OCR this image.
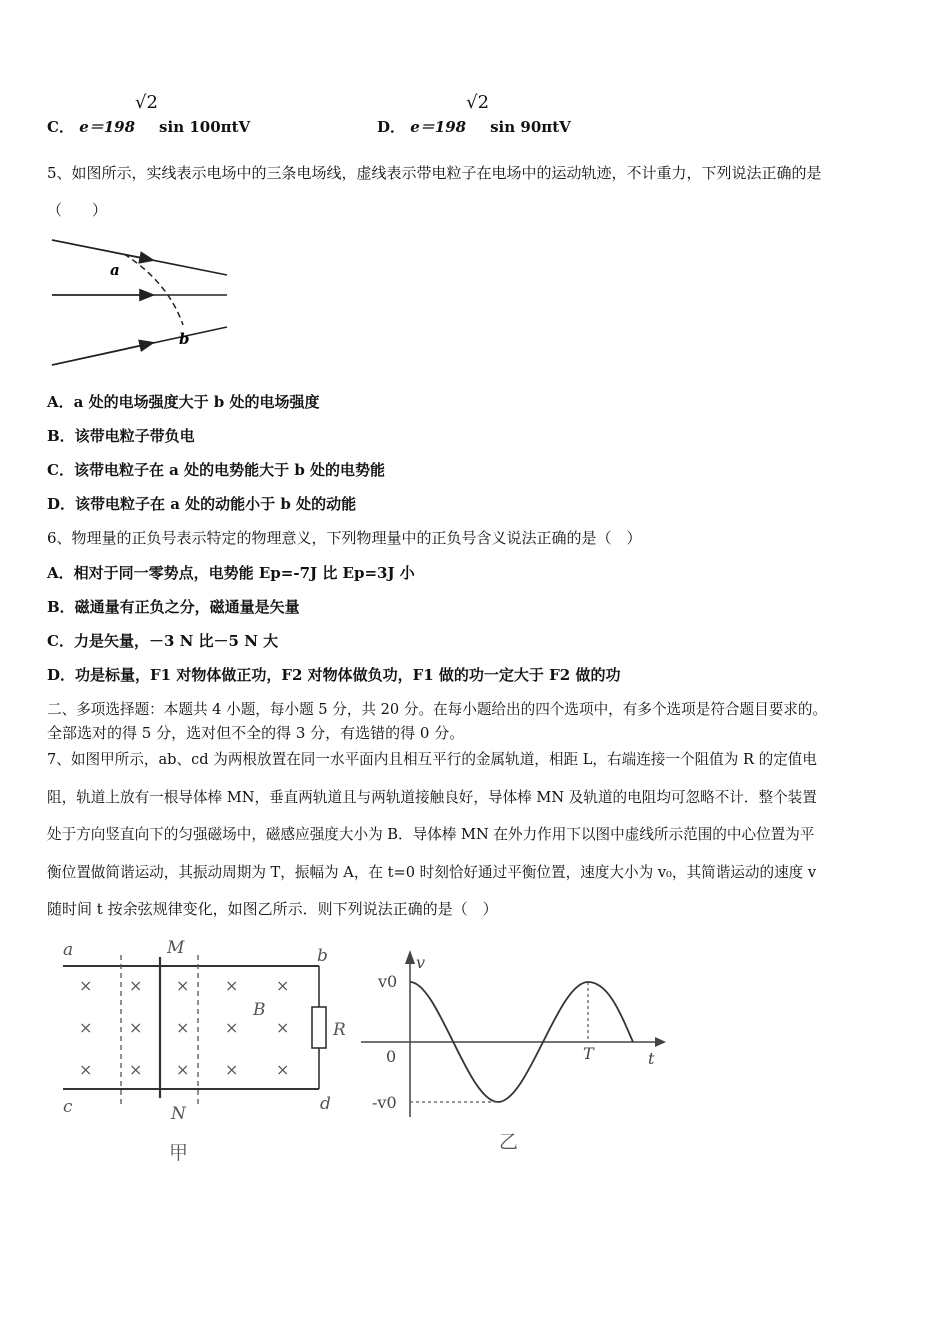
C． e＝198
√2
sin 100πtV	D． e＝198
√2
sin 90πtV
5、如图所示，实线表示电场中的三条电场线，虚线表示带电粒子在电场中的运动轨迹，不计重力，下列说法正确的是
（　　）
a
b
A．a 处的电场强度大于 b 处的电场强度
B．该带电粒子带负电
C．该带电粒子在 a 处的电势能大于 b 处的电势能
D．该带电粒子在 a 处的动能小于 b 处的动能
6、物理量的正负号表示特定的物理意义，下列物理量中的正负号含义说法正确的是（　）
A．相对于同一零势点，电势能 Ep=-7J 比 Ep=3J 小
B．磁通量有正负之分，磁通量是矢量
C．力是矢量，－3 N 比－5 N 大
D．功是标量，F1 对物体做正功，F2 对物体做负功，F1 做的功一定大于 F2 做的功
二、多项选择题：本题共 4 小题，每小题 5 分，共 20 分。在每小题给出的四个选项中，有多个选项是符合题目要求的。
全部选对的得 5 分，选对但不全的得 3 分，有选错的得 0 分。
7、如图甲所示，ab、cd 为两根放置在同一水平面内且相互平行的金属轨道，相距 L，右端连接一个阻值为 R 的定值电
阻，轨道上放有一根导体棒 MN，垂直两轨道且与两轨道接触良好，导体棒 MN 及轨道的电阻均可忽略不计．整个装置
处于方向竖直向下的匀强磁场中，磁感应强度大小为 B．导体棒 MN 在外力作用下以图中虚线所示范围的中心位置为平
衡位置做简谐运动，其振动周期为 T，振幅为 A，在 t=0 时刻恰好通过平衡位置，速度大小为 v₀，其简谐运动的速度 v
随时间 t 按余弦规律变化，如图乙所示．则下列说法正确的是（　）
a	b
c	d
M
N
B
R
× × × × ×
× × × × ×
× × × × ×
甲
v
v0
-v0
0	T	t
乙
